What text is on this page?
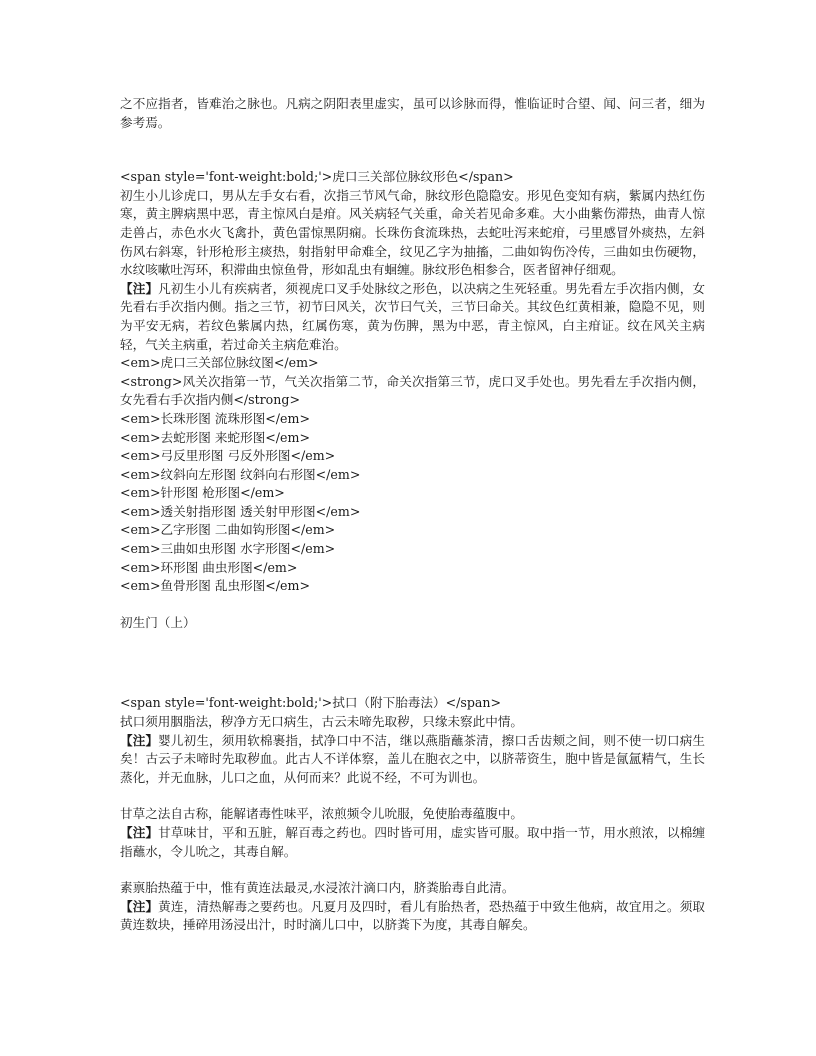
之不应指者，皆难治之脉也。凡病之阴阳表里虚实，虽可以诊脉而得，惟临证时合望、闻、问三者，细为参考焉。

<span style='font-weight:bold;'>虎口三关部位脉纹形色</span>

初生小儿诊虎口，男从左手女右看，次指三节风气命，脉纹形色隐隐安。形见色变知有病，紫属内热红伤寒，黄主脾病黑中恶，青主惊风白是疳。风关病轻气关重，命关若见命多难。大小曲紫伤滞热，曲青人惊走兽占，赤色水火飞禽扑，黄色雷惊黑阴痫。长珠伤食流珠热，去蛇吐泻来蛇疳，弓里感冒外痰热，左斜伤风右斜寒，针形枪形主痰热，射指射甲命难全，纹见乙字为抽搐，二曲如钩伤冷传，三曲如虫伤硬物，水纹咳嗽吐泻环，积滞曲虫惊鱼骨，形如乱虫有蛔缠。脉纹形色相参合，医者留神仔细观。

【注】凡初生小儿有疾病者，须视虎口叉手处脉纹之形色，以决病之生死轻重。男先看左手次指内侧，女先看右手次指内侧。指之三节，初节曰风关，次节曰气关，三节曰命关。其纹色红黄相兼，隐隐不见，则为平安无病，若纹色紫属内热，红属伤寒，黄为伤脾，黑为中恶，青主惊风，白主疳证。纹在风关主病轻，气关主病重，若过命关主病危难治。

<em>虎口三关部位脉纹图</em>

<strong>风关次指第一节，气关次指第二节，命关次指第三节，虎口叉手处也。男先看左手次指内侧，女先看右手次指内侧</strong>

<em>长珠形图 流珠形图</em>
<em>去蛇形图 来蛇形图</em>
<em>弓反里形图 弓反外形图</em>
<em>纹斜向左形图 纹斜向右形图</em>
<em>针形图 枪形图</em>
<em>透关射指形图 透关射甲形图</em>
<em>乙字形图 二曲如钩形图</em>
<em>三曲如虫形图 水字形图</em>
<em>环形图 曲虫形图</em>
<em>鱼骨形图 乱虫形图</em>

初生门（上）

<span style='font-weight:bold;'>拭口（附下胎毒法）</span>

拭口须用胭脂法，秽净方无口病生，古云未啼先取秽，只缘未察此中情。

【注】婴儿初生，须用软棉裹指，拭净口中不洁，继以燕脂蘸茶清，擦口舌齿颊之间，则不使一切口病生矣！古云子未啼时先取秽血。此古人不详体察，盖儿在胞衣之中，以脐蒂资生，胞中皆是氤氲精气，生长蒸化，并无血脉，儿口之血，从何而来？此说不经，不可为训也。

甘草之法自古称，能解诸毒性味平，浓煎频令儿吮服，免使胎毒蕴腹中。

【注】甘草味甘，平和五脏，解百毒之药也。四时皆可用，虚实皆可服。取中指一节，用水煎浓，以棉缠指蘸水，令儿吮之，其毒自解。

素禀胎热蕴于中，惟有黄连法最灵,水浸浓汁滴口内，脐粪胎毒自此清。

【注】黄连，清热解毒之要药也。凡夏月及四时，看儿有胎热者，恐热蕴于中致生他病，故宜用之。须取黄连数块，捶碎用汤浸出汁，时时滴儿口中，以脐粪下为度，其毒自解矣。
